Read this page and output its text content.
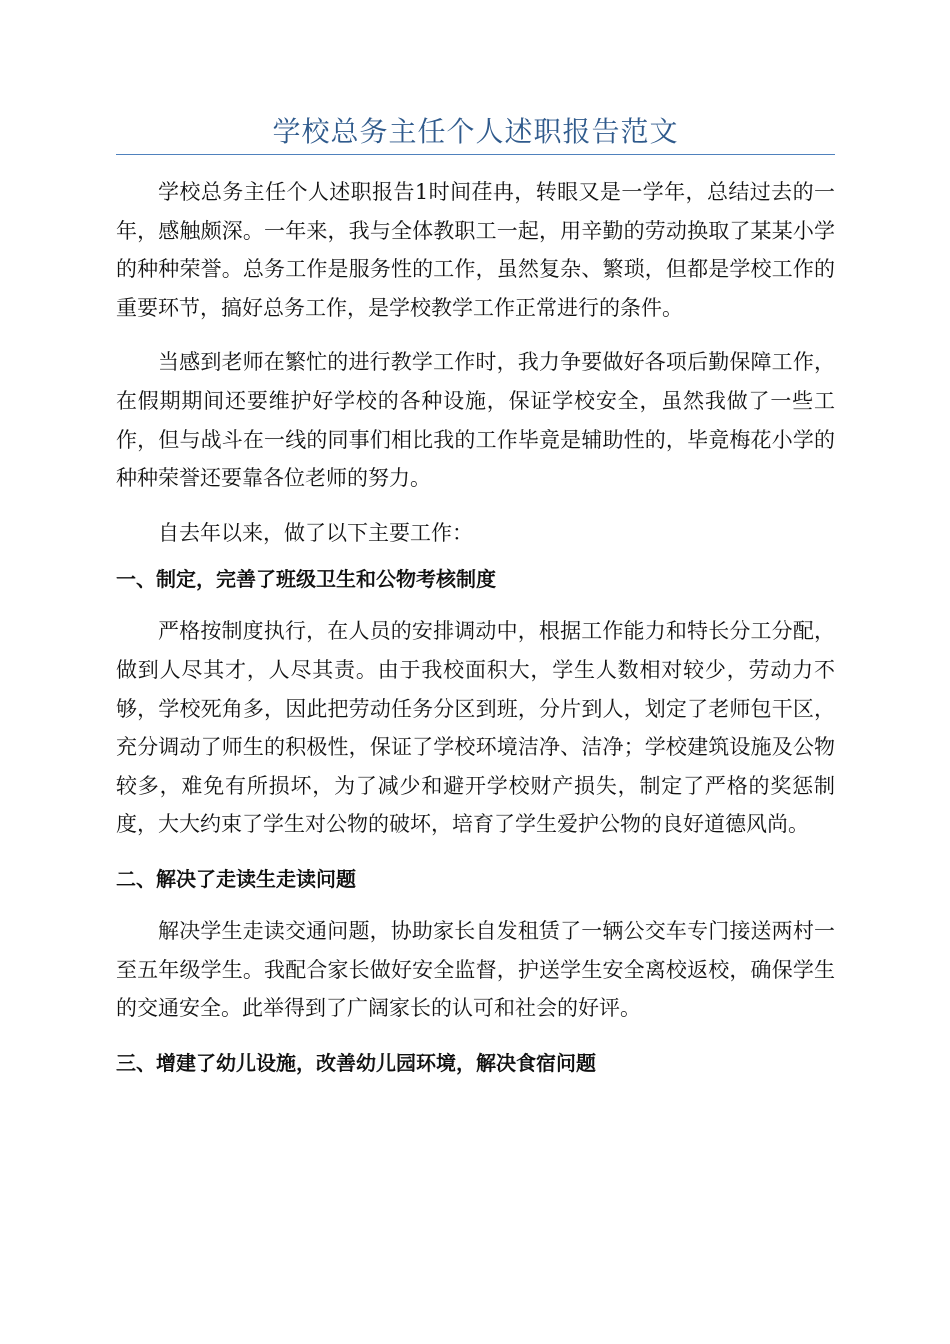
学校总务主任个人述职报告范文

学校总务主任个人述职报告1时间荏冉，转眼又是一学年，总结过去的一年，感触颇深。一年来，我与全体教职工一起，用辛勤的劳动换取了某某小学的种种荣誉。总务工作是服务性的工作，虽然复杂、繁琐，但都是学校工作的重要环节，搞好总务工作，是学校教学工作正常进行的条件。

当感到老师在繁忙的进行教学工作时，我力争要做好各项后勤保障工作，在假期期间还要维护好学校的各种设施，保证学校安全，虽然我做了一些工作，但与战斗在一线的同事们相比我的工作毕竟是辅助性的，毕竟梅花小学的种种荣誉还要靠各位老师的努力。

自去年以来，做了以下主要工作：

一、制定，完善了班级卫生和公物考核制度

严格按制度执行，在人员的安排调动中，根据工作能力和特长分工分配，做到人尽其才，人尽其责。由于我校面积大，学生人数相对较少，劳动力不够，学校死角多，因此把劳动任务分区到班，分片到人，划定了老师包干区，充分调动了师生的积极性，保证了学校环境洁净、洁净；学校建筑设施及公物较多，难免有所损坏，为了减少和避开学校财产损失，制定了严格的奖惩制度，大大约束了学生对公物的破坏，培育了学生爱护公物的良好道德风尚。

二、解决了走读生走读问题

解决学生走读交通问题，协助家长自发租赁了一辆公交车专门接送两村一至五年级学生。我配合家长做好安全监督，护送学生安全离校返校，确保学生的交通安全。此举得到了广阔家长的认可和社会的好评。

三、增建了幼儿设施，改善幼儿园环境，解决食宿问题
